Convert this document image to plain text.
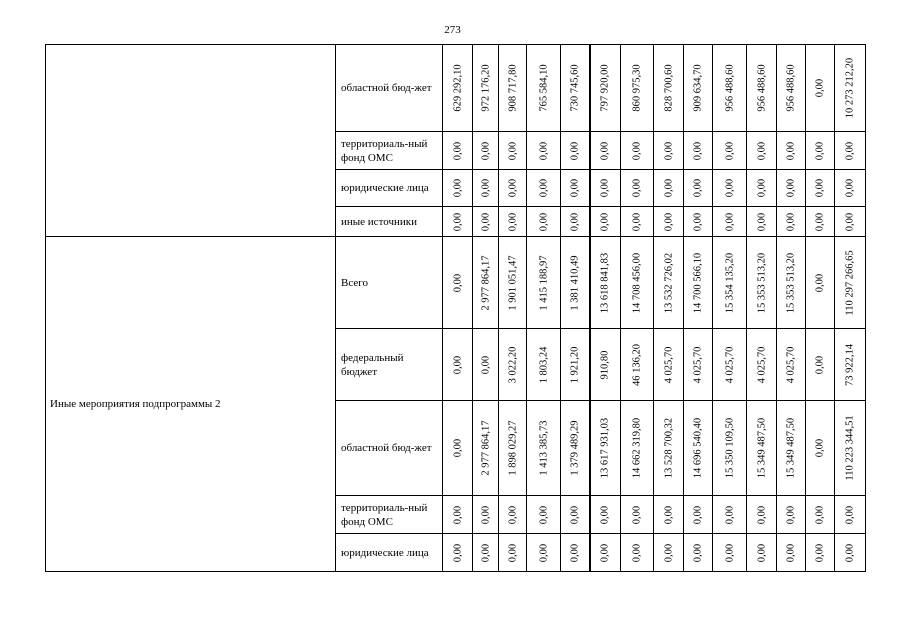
273
	областной бюд-жет	629 292,10	972 176,20	908 717,80	765 584,10	730 745,60	797 920,00	860 975,30	828 700,60	909 634,70	956 488,60	956 488,60	956 488,60	0,00	10 273 212,20

	территориаль-ный фонд ОМС	0,00	0,00	0,00	0,00	0,00	0,00	0,00	0,00	0,00	0,00	0,00	0,00	0,00	0,00

	юридические лица	0,00	0,00	0,00	0,00	0,00	0,00	0,00	0,00	0,00	0,00	0,00	0,00	0,00	0,00

	иные источники	0,00	0,00	0,00	0,00	0,00	0,00	0,00	0,00	0,00	0,00	0,00	0,00	0,00	0,00

Иные мероприятия подпрограммы 2	Всего	0,00	2 977 864,17	1 901 051,47	1 415 188,97	1 381 410,49	13 618 841,83	14 708 456,00	13 532 726,02	14 700 566,10	15 354 135,20	15 353 513,20	15 353 513,20	0,00	110 297 266,65

	федеральный бюджет	0,00	0,00	3 022,20	1 803,24	1 921,20	910,80	46 136,20	4 025,70	4 025,70	4 025,70	4 025,70	4 025,70	0,00	73 922,14

	областной бюд-жет	0,00	2 977 864,17	1 898 029,27	1 413 385,73	1 379 489,29	13 617 931,03	14 662 319,80	13 528 700,32	14 696 540,40	15 350 109,50	15 349 487,50	15 349 487,50	0,00	110 223 344,51

	территориаль-ный фонд ОМС	0,00	0,00	0,00	0,00	0,00	0,00	0,00	0,00	0,00	0,00	0,00	0,00	0,00	0,00

	юридические лица	0,00	0,00	0,00	0,00	0,00	0,00	0,00	0,00	0,00	0,00	0,00	0,00	0,00	0,00
